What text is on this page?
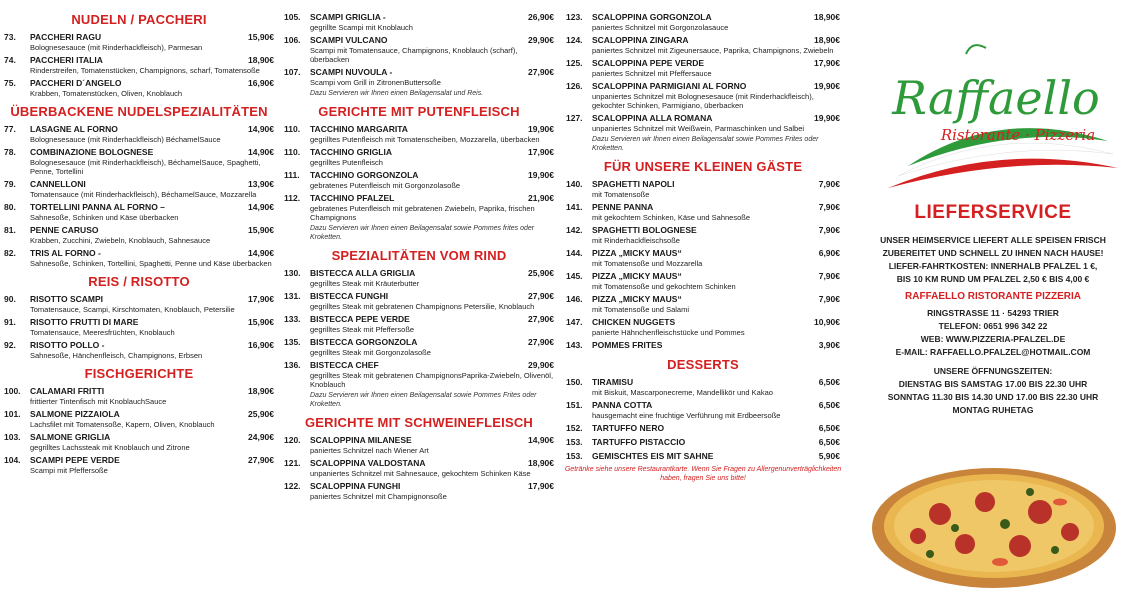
NUDELN / PACCHERI
73.	PACCHERI RAGU	15,90€
Bolognesesauce (mit Rinderhackfleisch), Parmesan
74.	PACCHERI ITALIA	18,90€
Rinderstreifen, Tomatenstücken, Champignons, scharf, Tomatensoße
75.	PACCHERI D´ANGELO	16,90€
Krabben, Tomatenstücken, Oliven, Knoblauch
ÜBERBACKENE NUDELSPEZIALITÄTEN
77.	LASAGNE AL FORNO	14,90€
Bolognesesauce (mit Rinderhackfleisch) BéchamelSauce
78.	COMBINAZIONE BOLOGNESE	14,90€
Bolognesesauce (mit Rinderhackfleisch), BéchamelSauce, Spaghetti, Penne, Tortellini
79.	CANNELLONI	13,90€
Tomatensauce (mit Rinderhackfleisch), BéchamelSauce, Mozzarella
80.	TORTELLINI PANNA AL FORNO –	14,90€
Sahnesoße, Schinken und Käse überbacken
81.	PENNE CARUSO	15,90€
Krabben, Zucchini, Zwiebeln, Knoblauch, Sahnesauce
82.	TRIS AL FORNO -	14,90€
Sahnesoße, Schinken, Tortellini, Spaghetti, Penne und Käse überbacken
REIS / RISOTTO
90.	RISOTTO SCAMPI	17,90€
Tomatensauce, Scampi, Kirschtomaten, Knoblauch, Petersilie
91.	RISOTTO FRUTTI DI MARE	15,90€
Tomatensauce, Meeresfrüchten, Knoblauch
92.	RISOTTO POLLO -	16,90€
Sahnesoße, Hänchenfleisch, Champignons, Erbsen
FISCHGERICHTE
100.	CALAMARI FRITTI	18,90€
frittierter Tintenfisch mit KnoblauchSauce
101.	SALMONE PIZZAIOLA	25,90€
Lachsfilet mit Tomatensoße, Kapern, Oliven, Knoblauch
103.	SALMONE GRIGLIA	24,90€
gegrilltes Lachssteak mit Knoblauch und Zitrone
104.	SCAMPI PEPE VERDE	27,90€
Scampi mit Pfeffersoße
105.	SCAMPI GRIGLIA -	26,90€
gegrillte Scampi mit Knoblauch
106.	SCAMPI VULCANO	29,90€
Scampi mit Tomatensauce, Champignons, Knoblauch (scharf), überbacken
107.	SCAMPI NUVOULA -	27,90€
Scampi vom Grill in ZitronenButtersoße
Dazu Servieren wir Ihnen einen Beilagensalat und Reis.
GERICHTE MIT PUTENFLEISCH
110.	TACCHINO MARGARITA	19,90€
gegrilltes Putenfleisch mit Tomatenscheiben, Mozzarella, überbacken
110.	TACCHINO GRIGLIA	17,90€
gegrilltes Putenfleisch
111.	TACCHINO GORGONZOLA	19,90€
gebratenes Putenfleisch mit Gorgonzolasoße
112.	TACCHINO PFALZEL	21,90€
gebratenes Putenfleisch mit gebratenen Zwiebeln, Paprika, frischen Champignons
Dazu Servieren wir Ihnen einen Beilagensalat sowie Pommes frites oder Kroketten.
SPEZIALITÄTEN VOM RIND
130.	BISTECCA ALLA GRIGLIA	25,90€
gegrilltes Steak mit Kräuterbutter
131.	BISTECCA FUNGHI	27,90€
gegrilltes Steak mit gebratenen Champignons Petersilie, Knoblauch
133.	BISTECCA PEPE VERDE	27,90€
gegrilltes Steak mit Pfeffersoße
135.	BISTECCA GORGONZOLA	27,90€
gegrilltes Steak mit Gorgonzolasoße
136.	BISTECCA CHEF	29,90€
gegrilltes Steak mit gebratenen ChampignonsPaprika-Zwiebeln, Olivenöl, Knoblauch
Dazu Servieren wir Ihnen einen Beilagensalat sowie Pommes Frites oder Kroketten.
GERICHTE MIT SCHWEINEFLEISCH
120.	SCALOPPINA MILANESE	14,90€
paniertes Schnitzel nach Wiener Art
121.	SCALOPPINA VALDOSTANA	18,90€
unpaniertes Schnitzel mit Sahnesauce, gekochtem Schinken Käse
122.	SCALOPPINA FUNGHI	17,90€
paniertes Schnitzel mit Champignonsoße
123.	SCALOPPINA GORGONZOLA	18,90€
paniertes Schnitzel mit Gorgonzolasauce
124.	SCALOPPINA ZINGARA	18,90€
paniertes Schnitzel mit Zigeunersauce, Paprika, Champignons, Zwiebeln
125.	SCALOPPINA PEPE VERDE	17,90€
paniertes Schnitzel mit Pfeffersauce
126.	SCALOPPINA PARMIGIANI AL FORNO	19,90€
unpaniertes Schnitzel mit Bolognesesauce (mit Rinderhackfleisch), gekochter Schinken, Parmigiano, überbacken
127.	SCALOPPINA ALLA ROMANA	19,90€
unpaniertes Schnitzel mit Weißwein, Parmaschinken und Salbei
Dazu Servieren wir Ihnen einen Beilagensalat sowie Pommes Frites oder Kroketten.
FÜR UNSERE KLEINEN GÄSTE
140.	SPAGHETTI NAPOLI	7,90€
mit Tomatensoße
141.	PENNE PANNA	7,90€
mit gekochtem Schinken, Käse und Sahnesoße
142.	SPAGHETTI BOLOGNESE	7,90€
mit Rinderhackfleischsoße
144.	PIZZA „MICKY MAUS“	6,90€
mit Tomatensoße und Mozzarella
145.	PIZZA „MICKY MAUS“	7,90€
mit Tomatensoße und gekochtem Schinken
146.	PIZZA „MICKY MAUS“	7,90€
mit Tomatensoße und Salami
147.	CHICKEN NUGGETS	10,90€
panierte Hähnchenfleischstücke und Pommes
143.	POMMES FRITES	3,90€
DESSERTS
150.	TIRAMISU	6,50€
mit Biskuit, Mascarponecreme, Mandellikör und Kakao
151.	PANNA COTTA	6,50€
hausgemacht eine fruchtige Verführung mit Erdbeersoße
152.	TARTUFFO NERO	6,50€
153.	TARTUFFO PISTACCIO	6,50€
153.	GEMISCHTES EIS MIT SAHNE	5,90€
Getränke siehe unsere Restaurantkarte. Wenn Sie Fragen zu Allergenunverträglichkeiten haben, fragen Sie uns bitte!
Raffaello
Ristorante · Pizzeria
LIEFERSERVICE
UNSER HEIMSERVICE LIEFERT ALLE SPEISEN FRISCH
ZUBEREITET UND SCHNELL ZU IHNEN NACH HAUSE!
LIEFER-FAHRTKOSTEN: INNERHALB PFALZEL 1 €,
BIS 10 KM RUND UM PFALZEL 2,50 € BIS 4,00 €
RAFFAELLO RISTORANTE PIZZERIA
RINGSTRASSE 11 · 54293 TRIER
TELEFON: 0651 996 342 22
WEB: WWW.PIZZERIA-PFALZEL.DE
E-MAIL: RAFFAELLO.PFALZEL@HOTMAIL.COM
UNSERE ÖFFNUNGSZEITEN:
DIENSTAG BIS SAMSTAG 17.00 BIS 22.30 UHR
SONNTAG 11.30 BIS 14.30 UND 17.00 BIS 22.30 UHR
MONTAG RUHETAG
